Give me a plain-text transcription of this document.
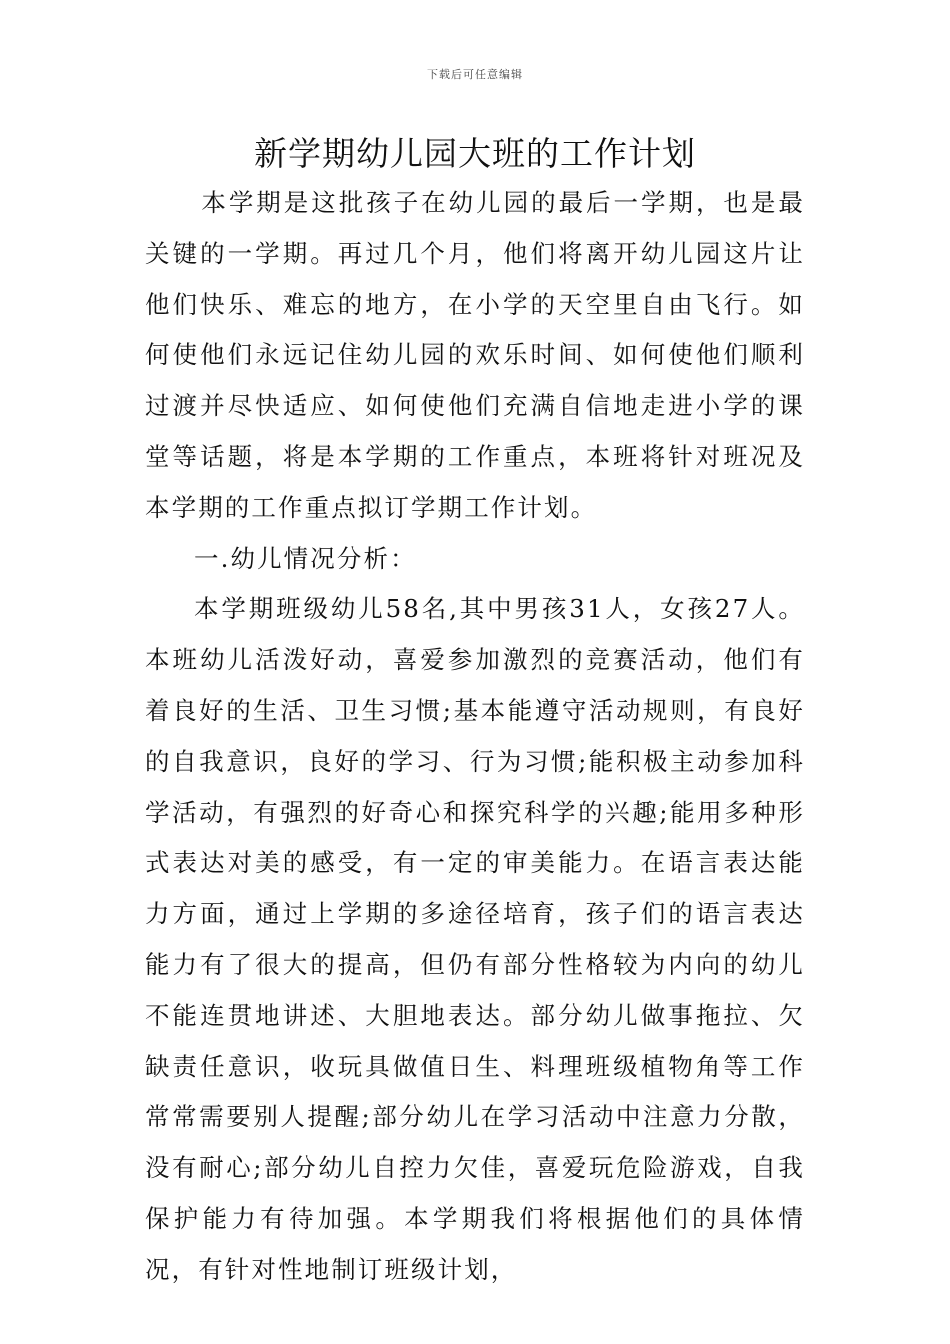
下载后可任意编辑
新学期幼儿园大班的工作计划

本学期是这批孩子在幼儿园的最后一学期，也是最关键的一学期。再过几个月，他们将离开幼儿园这片让他们快乐、难忘的地方，在小学的天空里自由飞行。如何使他们永远记住幼儿园的欢乐时间、如何使他们顺利过渡并尽快适应、如何使他们充满自信地走进小学的课堂等话题，将是本学期的工作重点，本班将针对班况及本学期的工作重点拟订学期工作计划。

一.幼儿情况分析：

本学期班级幼儿58名,其中男孩31人，女孩27人。本班幼儿活泼好动，喜爱参加激烈的竞赛活动，他们有着良好的生活、卫生习惯;基本能遵守活动规则，有良好的自我意识，良好的学习、行为习惯;能积极主动参加科学活动，有强烈的好奇心和探究科学的兴趣;能用多种形式表达对美的感受，有一定的审美能力。在语言表达能力方面，通过上学期的多途径培育，孩子们的语言表达能力有了很大的提高，但仍有部分性格较为内向的幼儿不能连贯地讲述、大胆地表达。部分幼儿做事拖拉、欠缺责任意识，收玩具做值日生、料理班级植物角等工作常常需要别人提醒;部分幼儿在学习活动中注意力分散，没有耐心;部分幼儿自控力欠佳，喜爱玩危险游戏，自我保护能力有待加强。本学期我们将根据他们的具体情况，有针对性地制订班级计划，
